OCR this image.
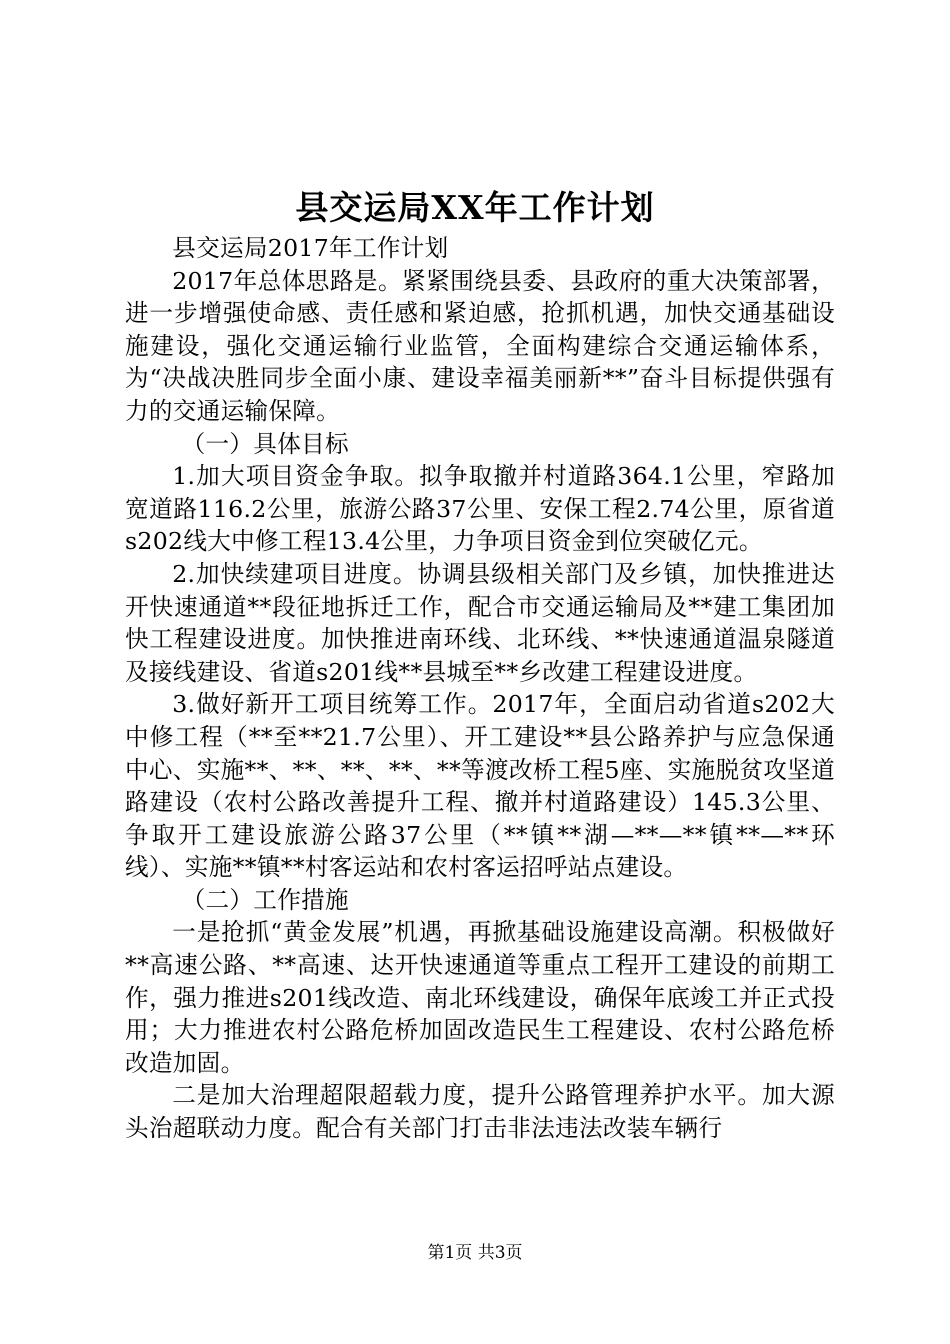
县交运局XX年工作计划

县交运局2017年工作计划

2017年总体思路是。紧紧围绕县委、县政府的重大决策部署，进一步增强使命感、责任感和紧迫感，抢抓机遇，加快交通基础设施建设，强化交通运输行业监管，全面构建综合交通运输体系，为“决战决胜同步全面小康、建设幸福美丽新**”奋斗目标提供强有力的交通运输保障。

（一）具体目标

1.加大项目资金争取。拟争取撤并村道路364.1公里，窄路加宽道路116.2公里，旅游公路37公里、安保工程2.74公里，原省道s202线大中修工程13.4公里，力争项目资金到位突破亿元。

2.加快续建项目进度。协调县级相关部门及乡镇，加快推进达开快速通道**段征地拆迁工作，配合市交通运输局及**建工集团加快工程建设进度。加快推进南环线、北环线、**快速通道温泉隧道及接线建设、省道s201线**县城至**乡改建工程建设进度。

3.做好新开工项目统筹工作。2017年，全面启动省道s202大中修工程（**至**21.7公里）、开工建设**县公路养护与应急保通中心、实施**、**、**、**、**等渡改桥工程5座、实施脱贫攻坚道路建设（农村公路改善提升工程、撤并村道路建设）145.3公里、争取开工建设旅游公路37公里（**镇**湖—**—**镇**—**环线）、实施**镇**村客运站和农村客运招呼站点建设。

（二）工作措施

一是抢抓“黄金发展”机遇，再掀基础设施建设高潮。积极做好**高速公路、**高速、达开快速通道等重点工程开工建设的前期工作，强力推进s201线改造、南北环线建设，确保年底竣工并正式投用；大力推进农村公路危桥加固改造民生工程建设、农村公路危桥改造加固。

二是加大治理超限超载力度，提升公路管理养护水平。加大源头治超联动力度。配合有关部门打击非法违法改装车辆行

第1页 共3页
